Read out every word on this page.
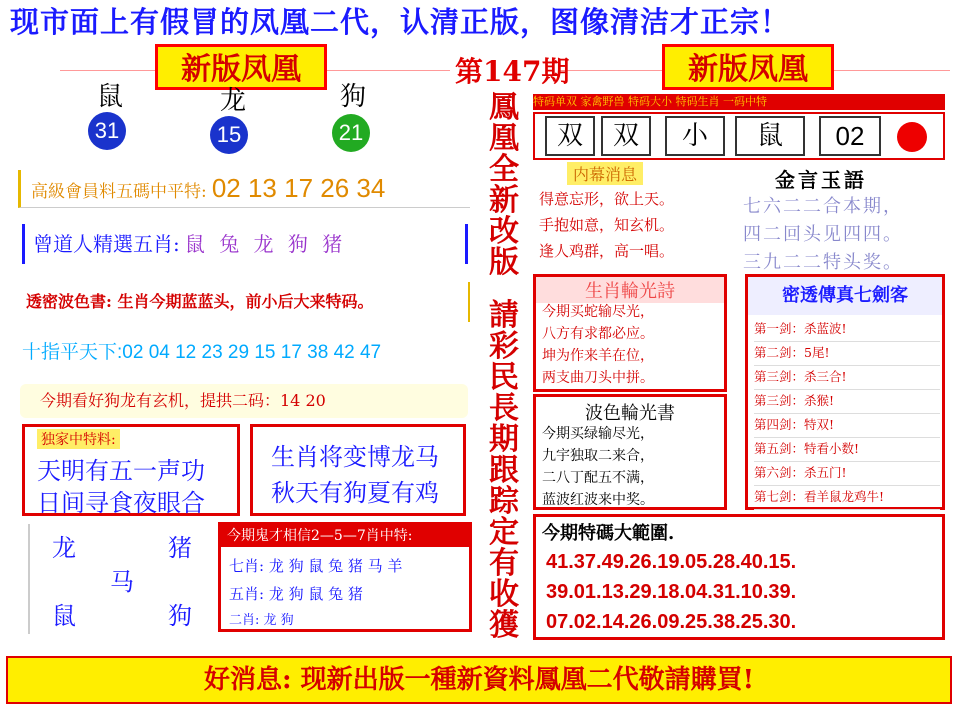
现市面上有假冒的凤凰二代，认清正版，图像清洁才正宗！
新版凤凰	新版凤凰
第147期
鼠	龙	狗
31	15	21
高級會員料五碼中平特: 02 13 17 26 34
曾道人精選五肖: 鼠 兔 龙 狗 猪
透密波色書: 生肖今期蓝蓝头，前小后大来特码。
十指平天下:02 04 12 23 29 15 17 38 42 47
今期看好狗龙有玄机，提拱二码：14 20
独家中特料:
天明有五一声功
日间寻食夜眼合
生肖将变博龙马
秋天有狗夏有鸡
龙	猪
马
鼠	狗
今期鬼才相信2—5—7肖中特:
七肖: 龙 狗 鼠 兔 猪 马 羊
五肖: 龙 狗 鼠 兔 猪
二肖: 龙 狗
鳳
凰
全
新
改
版
請
彩
民
長
期
跟
踪
定
有
收
獲
特码单双 家禽野兽 特码大小 特码生肖 一码中特
双	双	小	鼠	02
内幕消息
得意忘形，欲上天。
手抱如意，知玄机。
逢人鸡群，高一唱。
金言玉語
七六二二合本期，
四二回头见四四。
三九二二特头奖。
生肖輪光詩
今期买蛇输尽光，
八方有求都必应。
坤为作来羊在位，
两支曲刀头中拼。
波色輪光書
今期买绿输尽光，
九宇独取二来合，
二八丁配五不满，
蓝波红波来中奖。
密透傳真七劍客
第一剑：杀蓝波!
第二剑：5尾!
第三剑：杀三合!
第三剑：杀猴!
第四剑：特双!
第五剑：特看小数!
第六剑：杀五门!
第七剑：看羊鼠龙鸡牛!
今期特碼大範圍.
41.37.49.26.19.05.28.40.15.
39.01.13.29.18.04.31.10.39.
07.02.14.26.09.25.38.25.30.
好消息: 现新出版一種新資料鳳凰二代敬請購買!
